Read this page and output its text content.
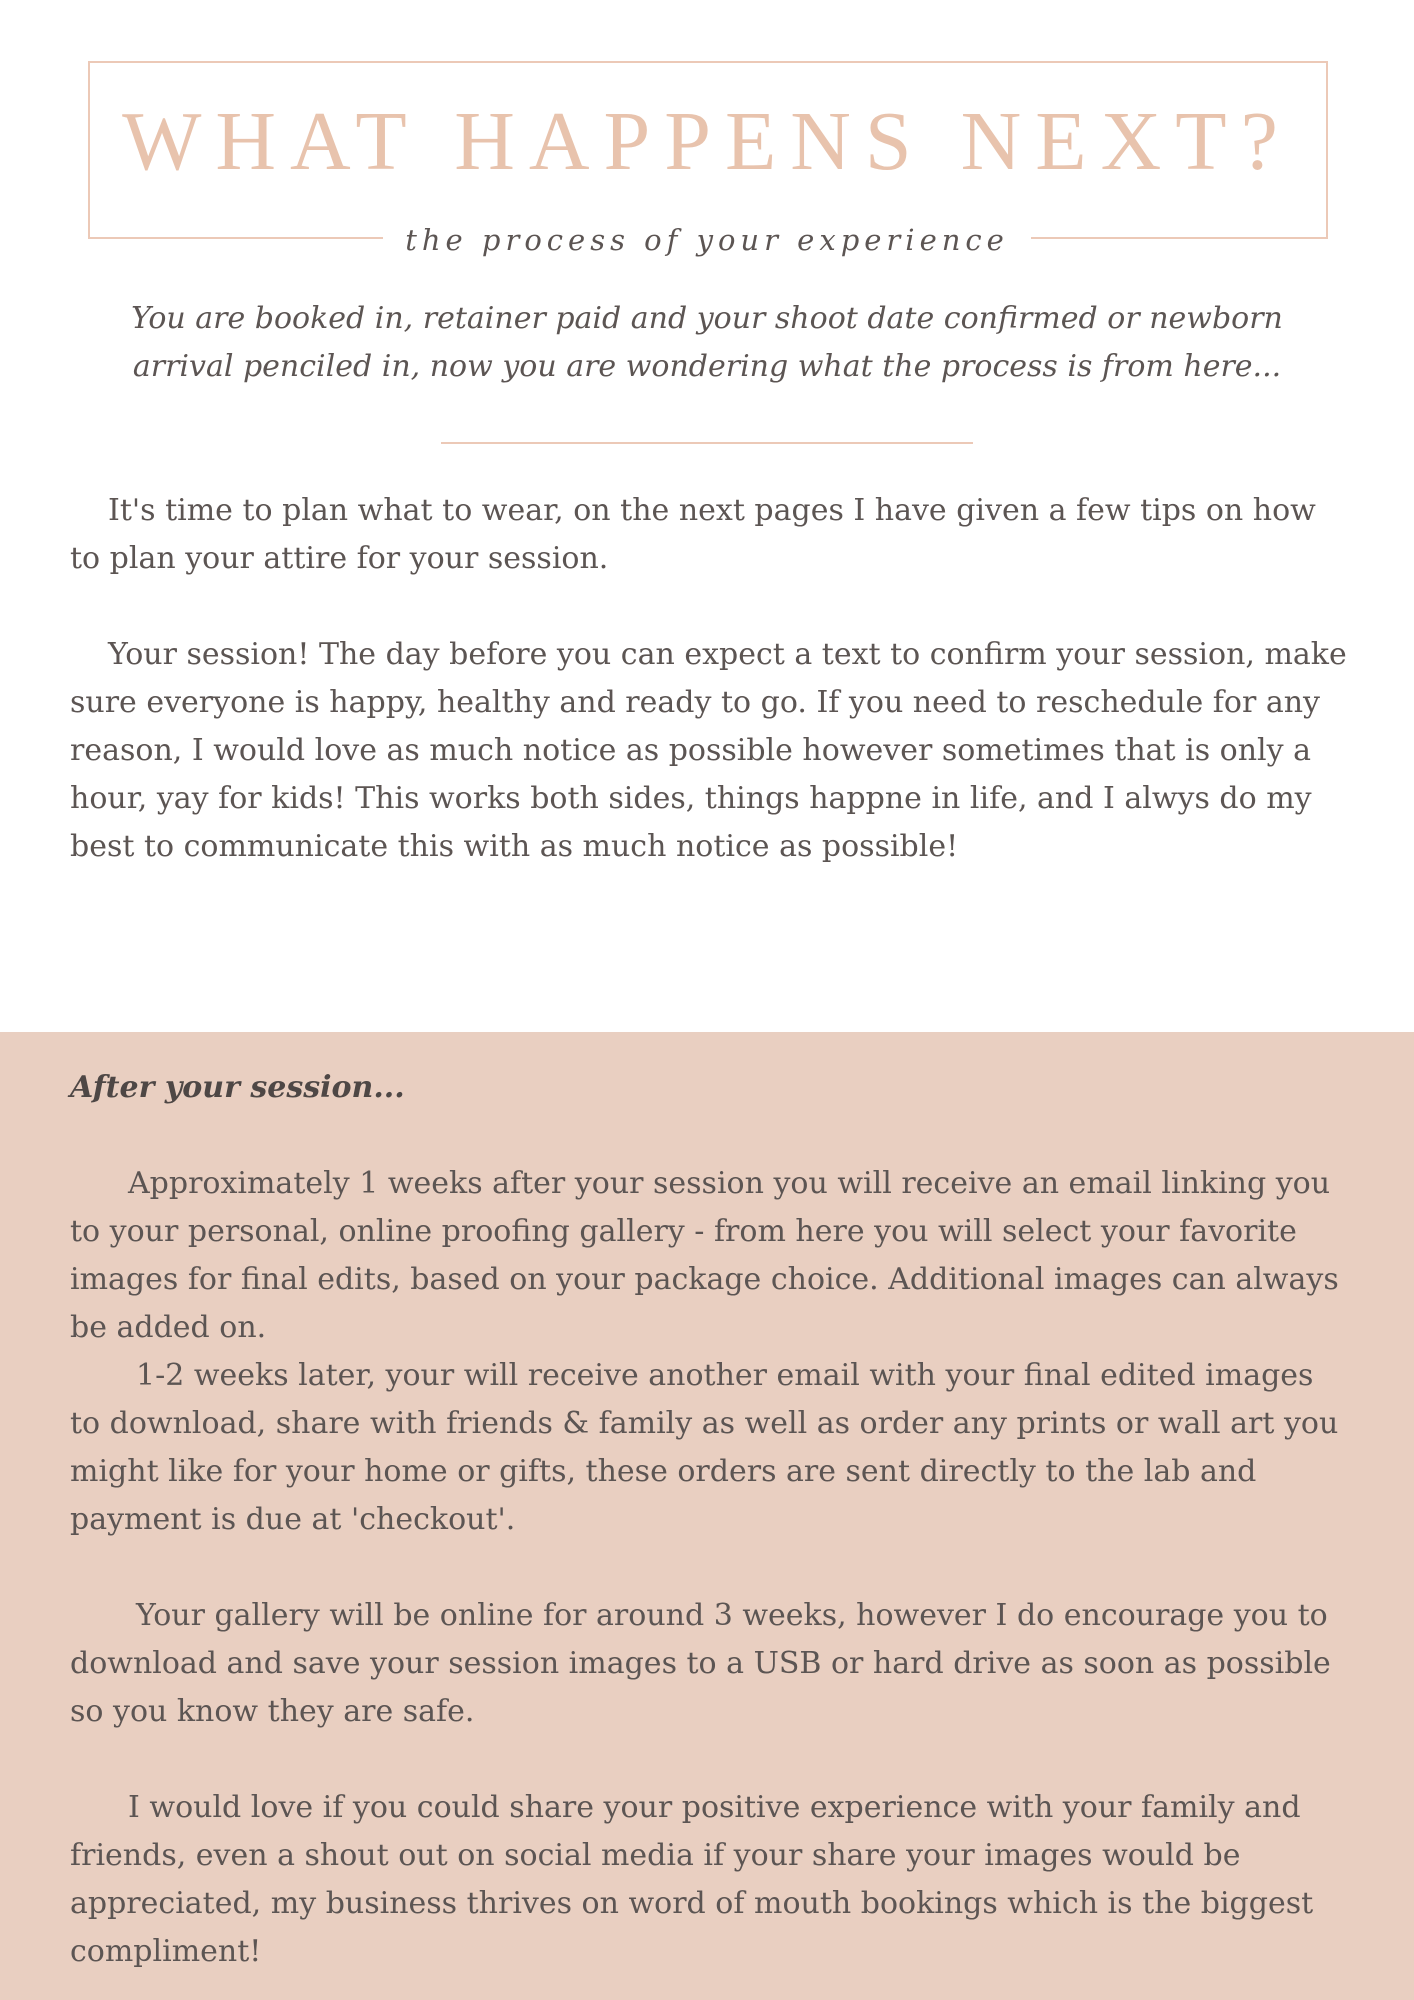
WHAT HAPPENS NEXT?
the process of your experience

You are booked in, retainer paid and your shoot date confirmed or newborn arrival penciled in, now you are wondering what the process is from here...

It's time to plan what to wear, on the next pages I have given a few tips on how to plan your attire for your session.

Your session! The day before you can expect a text to confirm your session, make sure everyone is happy, healthy and ready to go. If you need to reschedule for any reason, I would love as much notice as possible however sometimes that is only a hour, yay for kids! This works both sides, things happne in life, and I alwys do my best to communicate this with as much notice as possible!

After your session...

Approximately 1 weeks after your session you will receive an email linking you to your personal, online proofing gallery - from here you will select your favorite images for final edits, based on your package choice. Additional images can always be added on.

1-2 weeks later, your will receive another email with your final edited images to download, share with friends & family as well as order any prints or wall art you might like for your home or gifts, these orders are sent directly to the lab and payment is due at 'checkout'.

Your gallery will be online for around 3 weeks, however I do encourage you to download and save your session images to a USB or hard drive as soon as possible so you know they are safe.

I would love if you could share your positive experience with your family and friends, even a shout out on social media if your share your images would be appreciated, my business thrives on word of mouth bookings which is the biggest compliment!
